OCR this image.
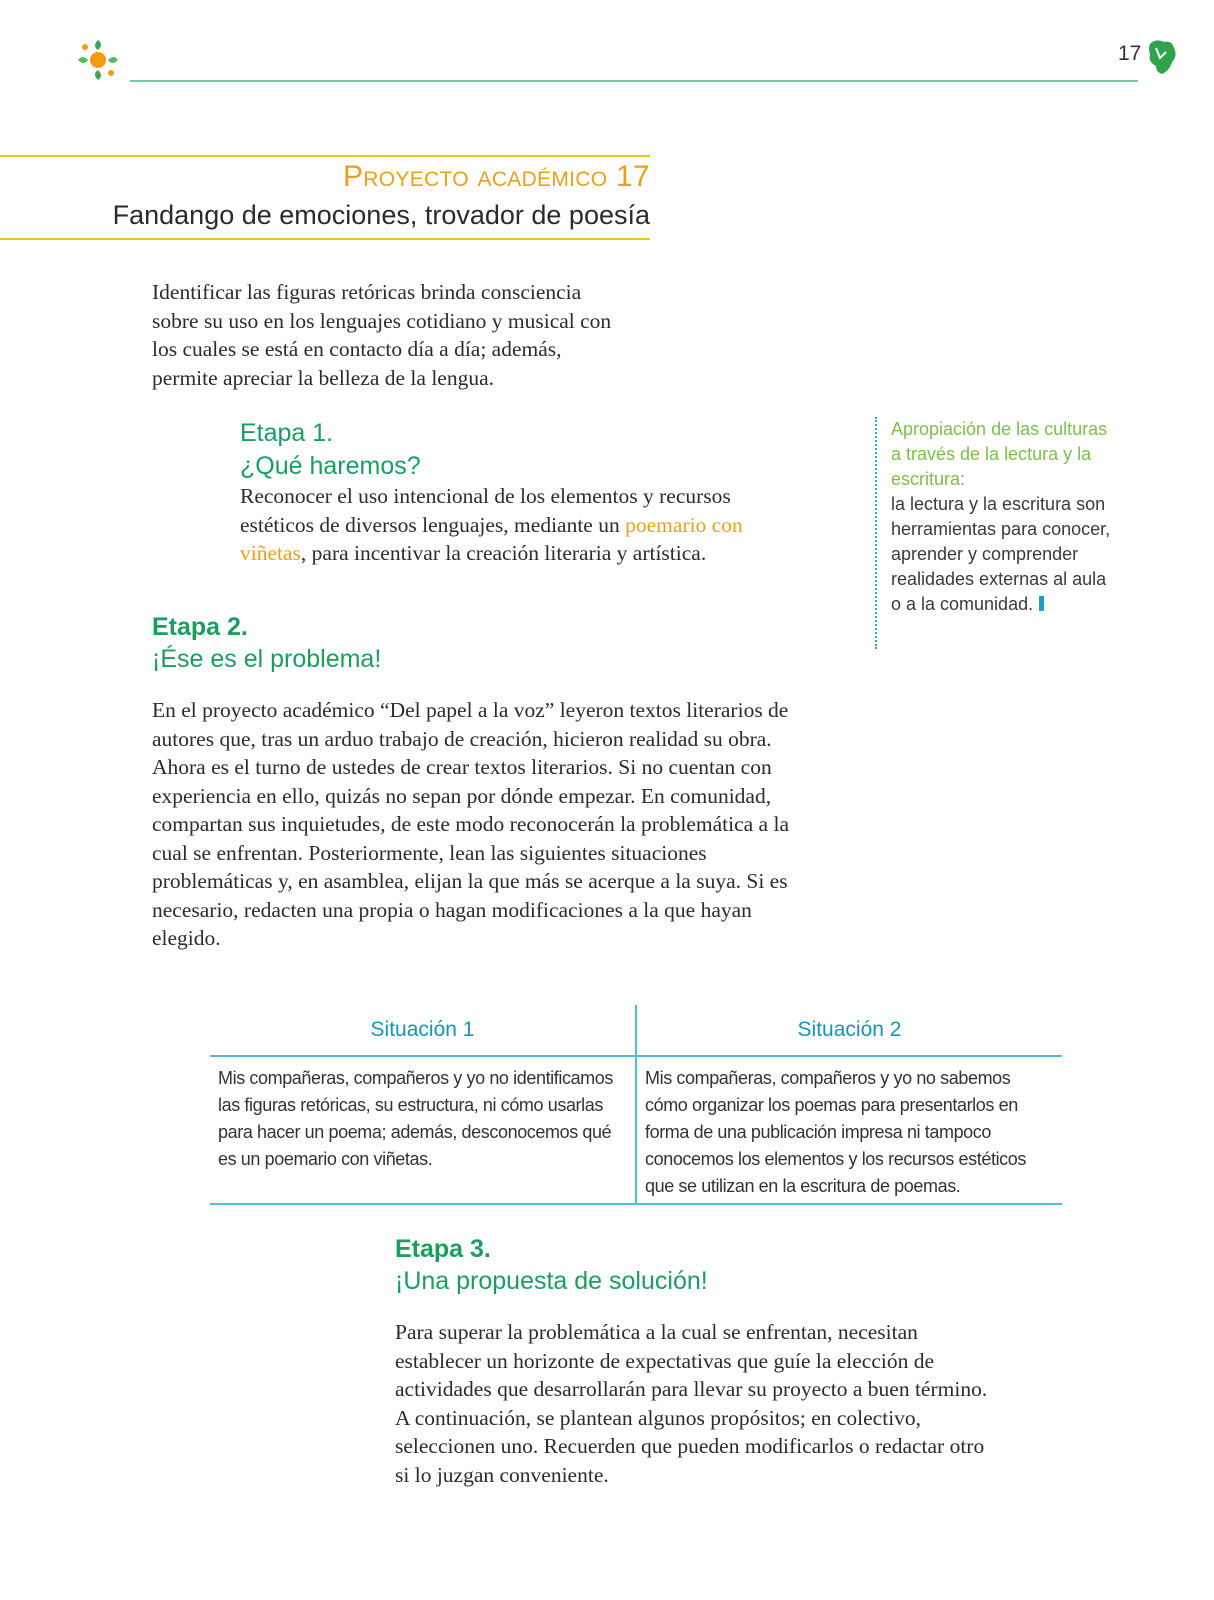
17
Proyecto académico 17
Fandango de emociones, trovador de poesía
Identificar las figuras retóricas brinda consciencia sobre su uso en los lenguajes cotidiano y musical con los cuales se está en contacto día a día; además, permite apreciar la belleza de la lengua.
Etapa 1.
¿Qué haremos?
Reconocer el uso intencional de los elementos y recursos estéticos de diversos lenguajes, mediante un poemario con viñetas, para incentivar la creación literaria y artística.
Apropiación de las culturas a través de la lectura y la escritura:
la lectura y la escritura son herramientas para conocer, aprender y comprender realidades externas al aula o a la comunidad.
Etapa 2.
¡Ése es el problema!
En el proyecto académico “Del papel a la voz” leyeron textos literarios de autores que, tras un arduo trabajo de creación, hicieron realidad su obra. Ahora es el turno de ustedes de crear textos literarios. Si no cuentan con experiencia en ello, quizás no sepan por dónde empezar. En comunidad, compartan sus inquietudes, de este modo reconocerán la problemática a la cual se enfrentan. Posteriormente, lean las siguientes situaciones problemáticas y, en asamblea, elijan la que más se acerque a la suya. Si es necesario, redacten una propia o hagan modificaciones a la que hayan elegido.
Situación 1
Mis compañeras, compañeros y yo no identificamos las figuras retóricas, su estructura, ni cómo usarlas para hacer un poema; además, desconocemos qué es un poemario con viñetas.
Situación 2
Mis compañeras, compañeros y yo no sabemos cómo organizar los poemas para presentarlos en forma de una publicación impresa ni tampoco conocemos los elementos y los recursos estéticos que se utilizan en la escritura de poemas.
Etapa 3.
¡Una propuesta de solución!
Para superar la problemática a la cual se enfrentan, necesitan establecer un horizonte de expectativas que guíe la elección de actividades que desarrollarán para llevar su proyecto a buen término. A continuación, se plantean algunos propósitos; en colectivo, seleccionen uno. Recuerden que pueden modificarlos o redactar otro si lo juzgan conveniente.
